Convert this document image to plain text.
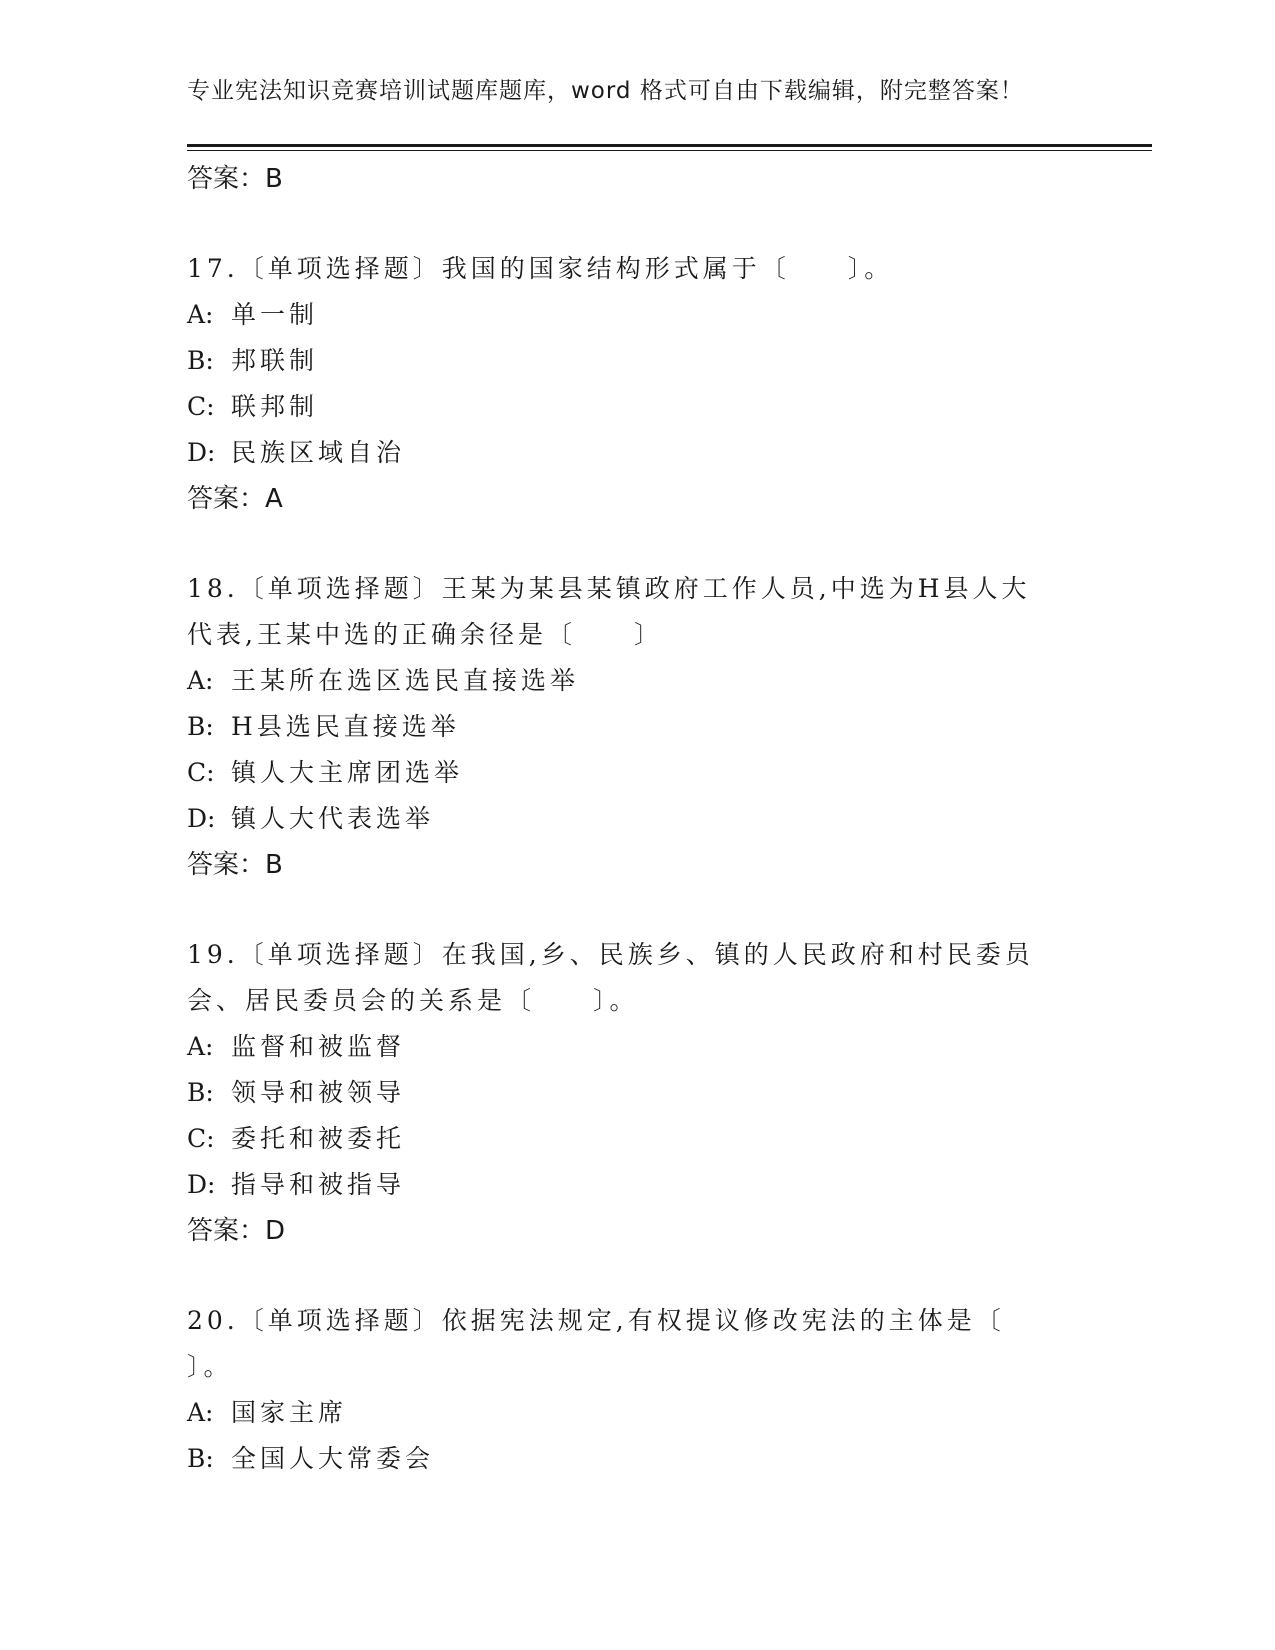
专业宪法知识竞赛培训试题库题库，word 格式可自由下载编辑，附完整答案！
答案：B
17.〔单项选择题〕我国的国家结构形式属于〔　　〕。
A: 单一制
B: 邦联制
C: 联邦制
D: 民族区域自治
答案：A
18.〔单项选择题〕王某为某县某镇政府工作人员,中选为H县人大代表,王某中选的正确余径是〔　　〕
A: 王某所在选区选民直接选举
B: H县选民直接选举
C: 镇人大主席团选举
D: 镇人大代表选举
答案：B
19.〔单项选择题〕在我国,乡、民族乡、镇的人民政府和村民委员会、居民委员会的关系是〔　　〕。
A: 监督和被监督
B: 领导和被领导
C: 委托和被委托
D: 指导和被指导
答案：D
20.〔单项选择题〕依据宪法规定,有权提议修改宪法的主体是〔　　〕。
A: 国家主席
B: 全国人大常委会
